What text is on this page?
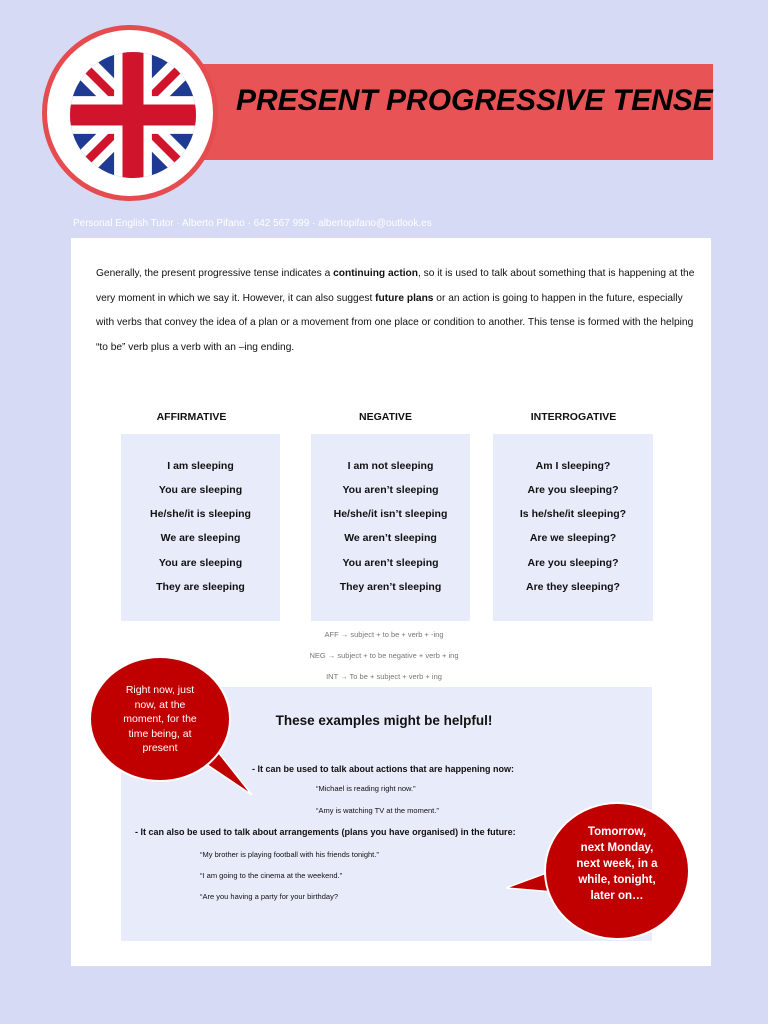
PRESENT PROGRESSIVE TENSE
Personal English Tutor · Alberto Pifano · 642 567 999 · albertopifano@outlook.es
Generally, the present progressive tense indicates a continuing action, so it is used to talk about something that is happening at the very moment in which we say it. However, it can also suggest future plans or an action is going to happen in the future, especially with verbs that convey the idea of a plan or a movement from one place or condition to another. This tense is formed with the helping “to be” verb plus a verb with an –ing ending.
AFFIRMATIVE	NEGATIVE	INTERROGATIVE
I am sleeping
You are sleeping
He/she/it is sleeping
We are sleeping
You are sleeping
They are sleeping
I am not sleeping
You aren’t sleeping
He/she/it isn’t sleeping
We aren’t sleeping
You aren’t sleeping
They aren’t sleeping
Am I sleeping?
Are you sleeping?
Is he/she/it sleeping?
Are we sleeping?
Are you sleeping?
Are they sleeping?
AFF → subject + to be + verb + -ing
NEG → subject + to be negative + verb + ing
INT → To be + subject + verb + ing
These examples might be helpful!
- It can be used to talk about actions that are happening now:
“Michael is reading right now.”
“Amy is watching TV at the moment.”
- It can also be used to talk about arrangements (plans you have organised) in the future:
“My brother is playing football with his friends tonight.”
“I am going to the cinema at the weekend.”
“Are you having a party for your birthday?
Right now, just
now, at the
moment, for the
time being, at
present
Tomorrow,
next Monday,
next week, in a
while, tonight,
later on…
